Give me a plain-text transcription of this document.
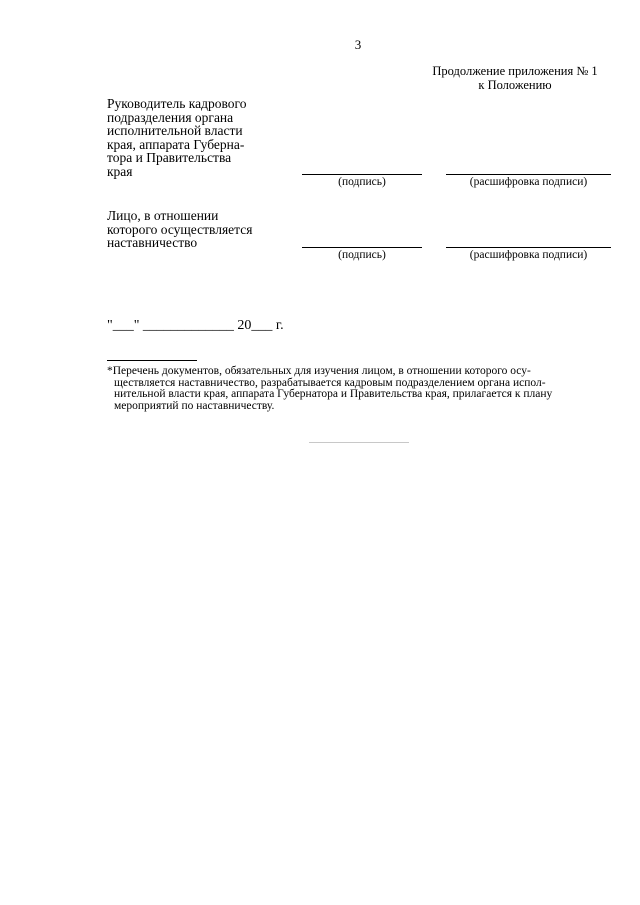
3
Продолжение приложения № 1
к Положению
Руководитель кадрового
подразделения органа
исполнительной власти
края, аппарата Губерна-
тора и Правительства
края
(подпись)	(расшифровка подписи)
Лицо, в отношении
которого осуществляется
наставничество
(подпись)	(расшифровка подписи)
"___" _____________ 20___ г.
*Перечень документов, обязательных для изучения лицом, в отношении которого осу-
ществляется наставничество, разрабатывается кадровым подразделением органа испол-
нительной власти края, аппарата Губернатора и Правительства края, прилагается к плану
мероприятий по наставничеству.
